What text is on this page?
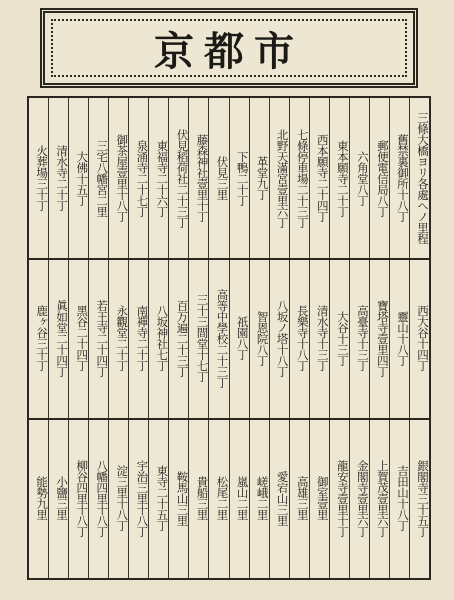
京都市
三條大橋ヨリ各處ヘノ里程
西大谷十四丁
銀閣寺三十五丁
舊禁裏御所十八丁
靈山十八丁
吉田山十八丁
郵便電信局八丁
寶塔寺壹里四丁
上賀茂壹里六丁
六角堂八丁
高臺寺十三丁
金閣寺壹里六丁
東本願寺二十丁
大谷十三丁
龍安寺壹里十丁
西本願寺二十四丁
清水寺十三丁
御室壹里
七條停車場二十三丁
長樂寺十八丁
高雄三里
北野天滿宮壹里六丁
八坂ノ塔十八丁
愛宕山三里
革堂九丁
智恩院八丁
嵯峨二里
下鴨二十丁
祇園八丁
嵐山二里
伏見三里
高等中學校二十三丁
松尾二里
藤森神社壹里十丁
三十三間堂十七丁
貴船三里
伏見稻荷社二十三丁
百万遍二十三丁
鞍馬山三里
東福寺二十六丁
八坂神社七丁
東寺二十五丁
泉涌寺二十七丁
南禪寺二十丁
宇治三里十八丁
御茶屋壹里十八丁
永觀堂二十丁
淀三里十八丁
三宅八幡宮二里
若王寺二十四丁
八幡四里十八丁
大佛十五丁
黑谷二十四丁
柳谷四里十八丁
清水寺二十丁
眞如堂二十四丁
小鹽三里
火葬場三十丁
鹿ヶ谷三十丁
能勢九里
